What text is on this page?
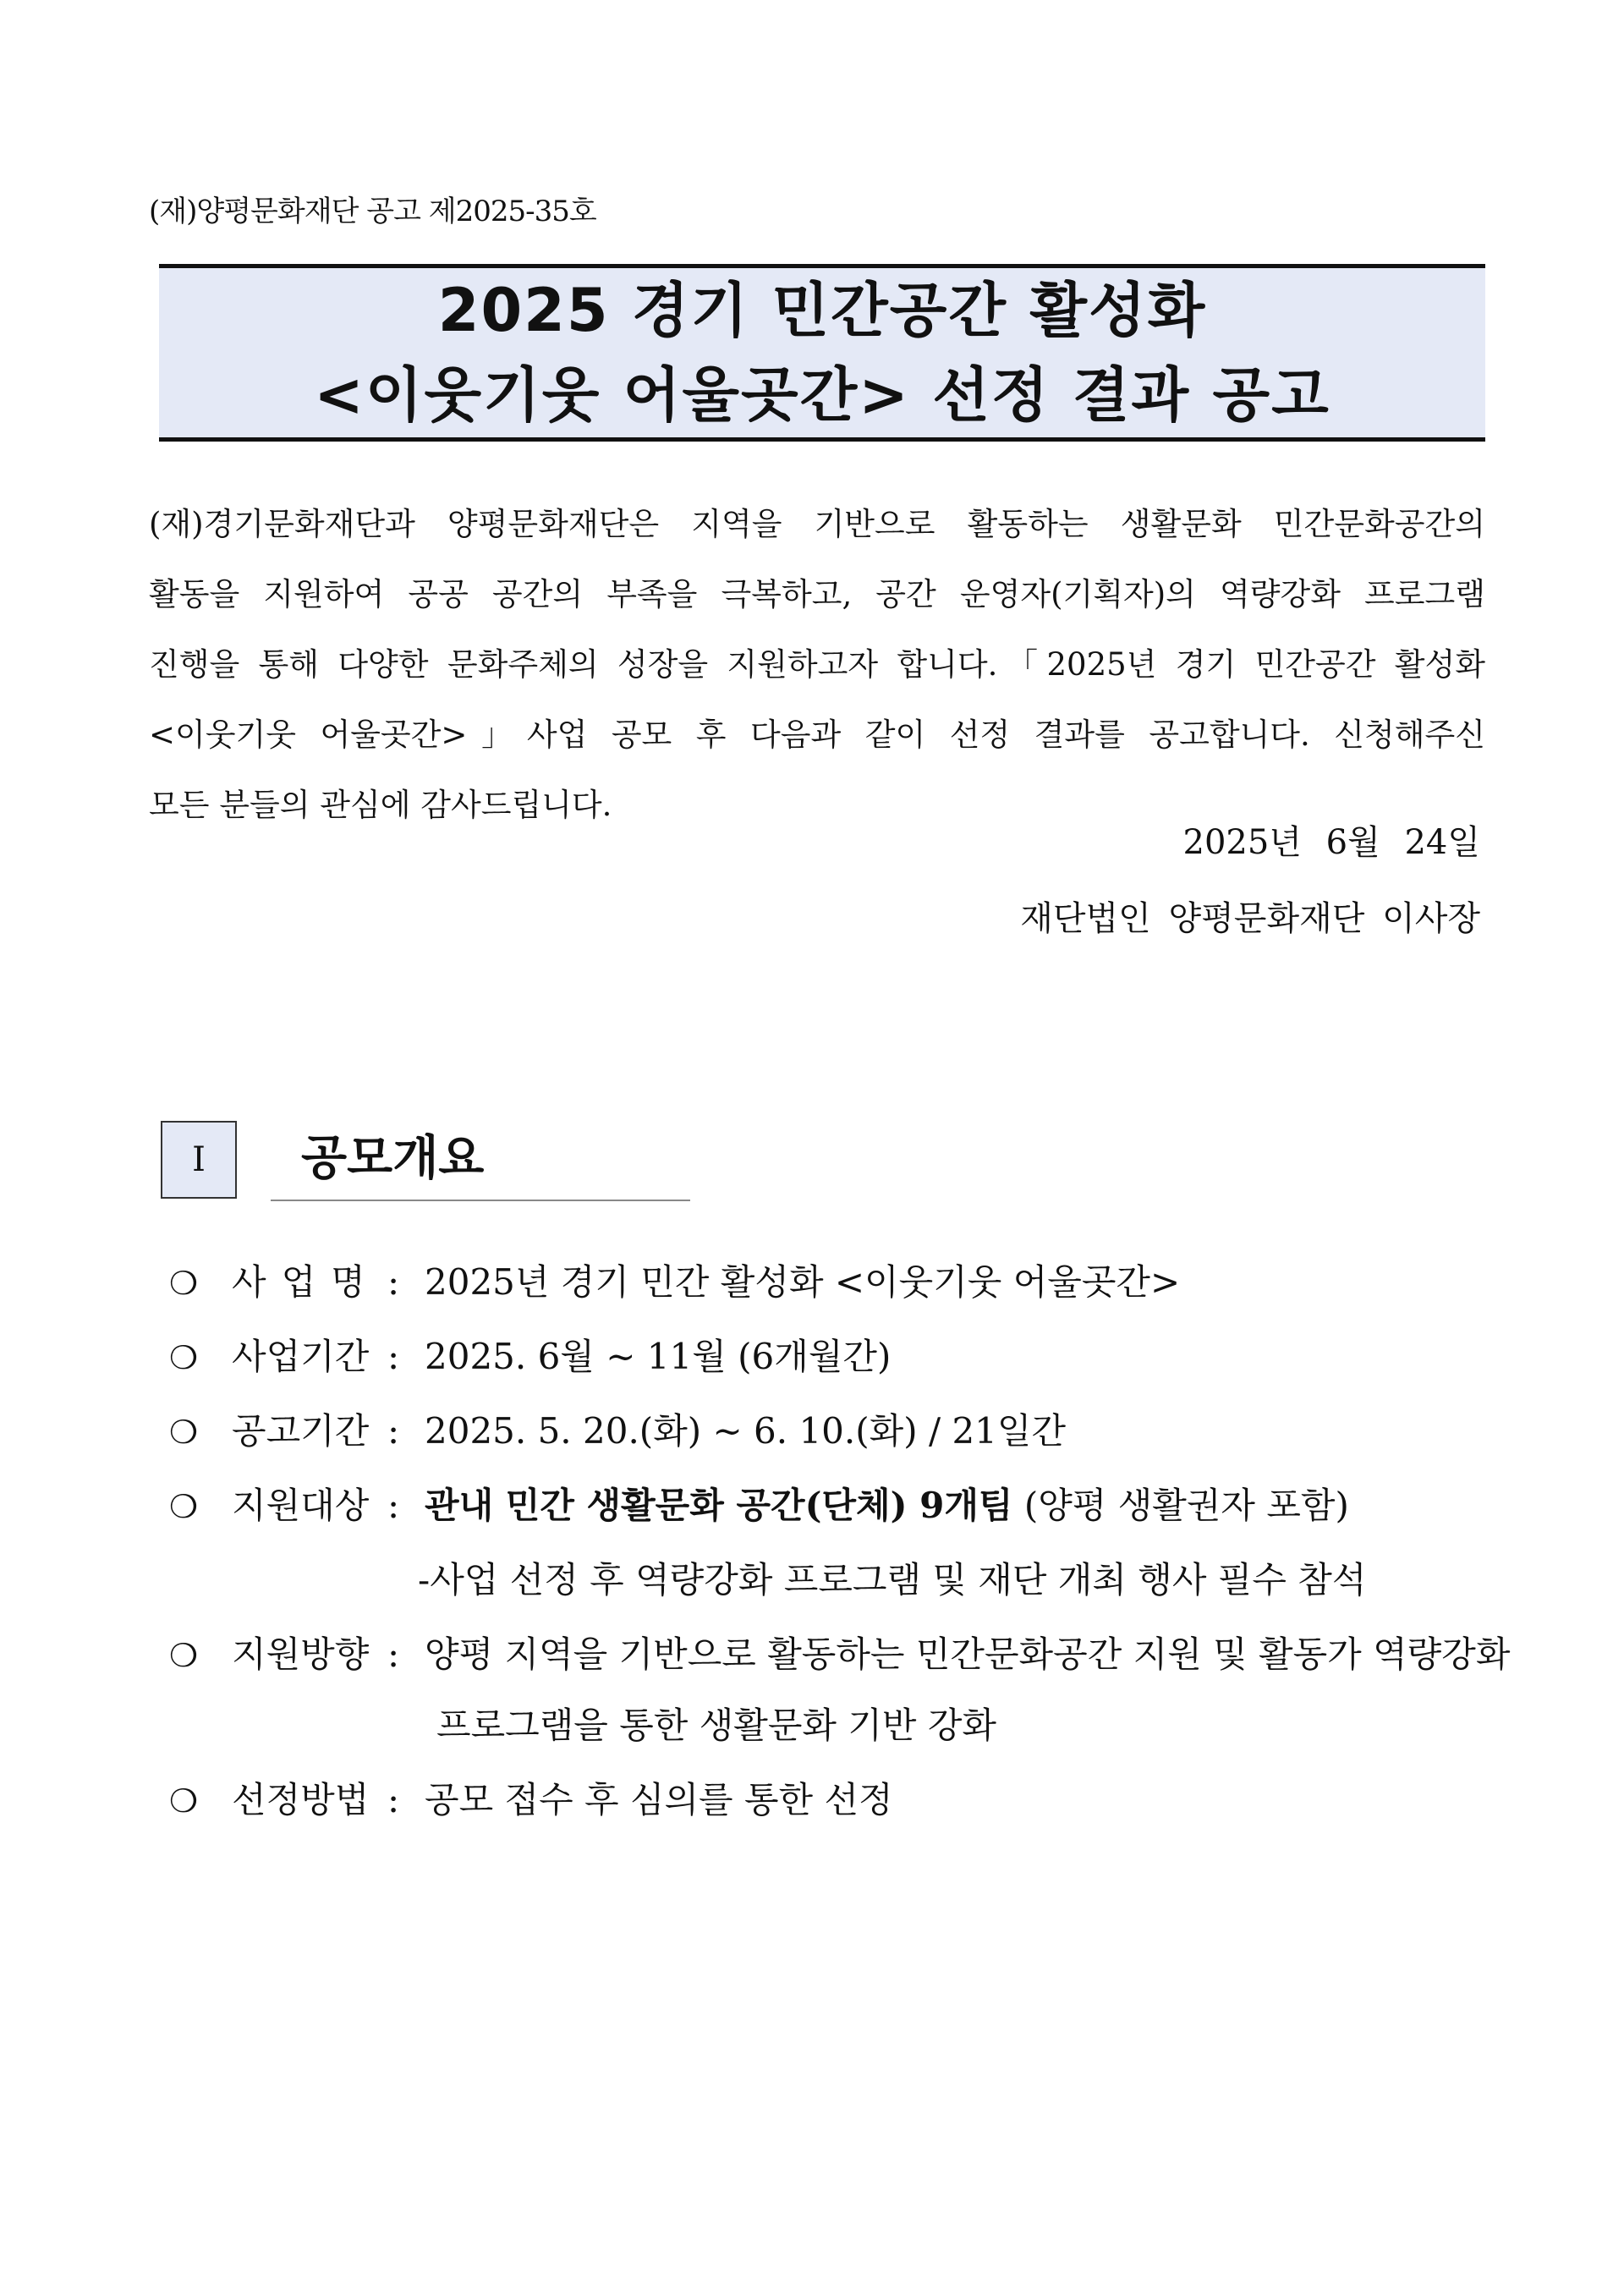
(재)양평문화재단 공고 제2025-35호
2025 경기 민간공간 활성화
<이웃기웃 어울곳간> 선정 결과 공고
(재)경기문화재단과 양평문화재단은 지역을 기반으로 활동하는 생활문화 민간문화공간의
활동을 지원하여 공공 공간의 부족을 극복하고, 공간 운영자(기획자)의 역량강화 프로그램
진행을 통해 다양한 문화주체의 성장을 지원하고자 합니다.「2025년 경기 민간공간 활성화
<이웃기웃 어울곳간>」사업 공모 후 다음과 같이 선정 결과를 공고합니다. 신청해주신
모든 분들의 관심에 감사드립니다.
2025년 6월 24일
재단법인 양평문화재단 이사장
Ⅰ	공모개요
❍ 사업명 : 2025년 경기 민간 활성화 <이웃기웃 어울곳간>
❍ 사업기간 : 2025. 6월 ~ 11월 (6개월간)
❍ 공고기간 : 2025. 5. 20.(화) ~ 6. 10.(화) / 21일간
❍ 지원대상 : 관내 민간 생활문화 공간(단체) 9개팀 (양평 생활권자 포함)
-사업 선정 후 역량강화 프로그램 및 재단 개최 행사 필수 참석
❍ 지원방향 : 양평 지역을 기반으로 활동하는 민간문화공간 지원 및 활동가 역량강화
프로그램을 통한 생활문화 기반 강화
❍ 선정방법 : 공모 접수 후 심의를 통한 선정
